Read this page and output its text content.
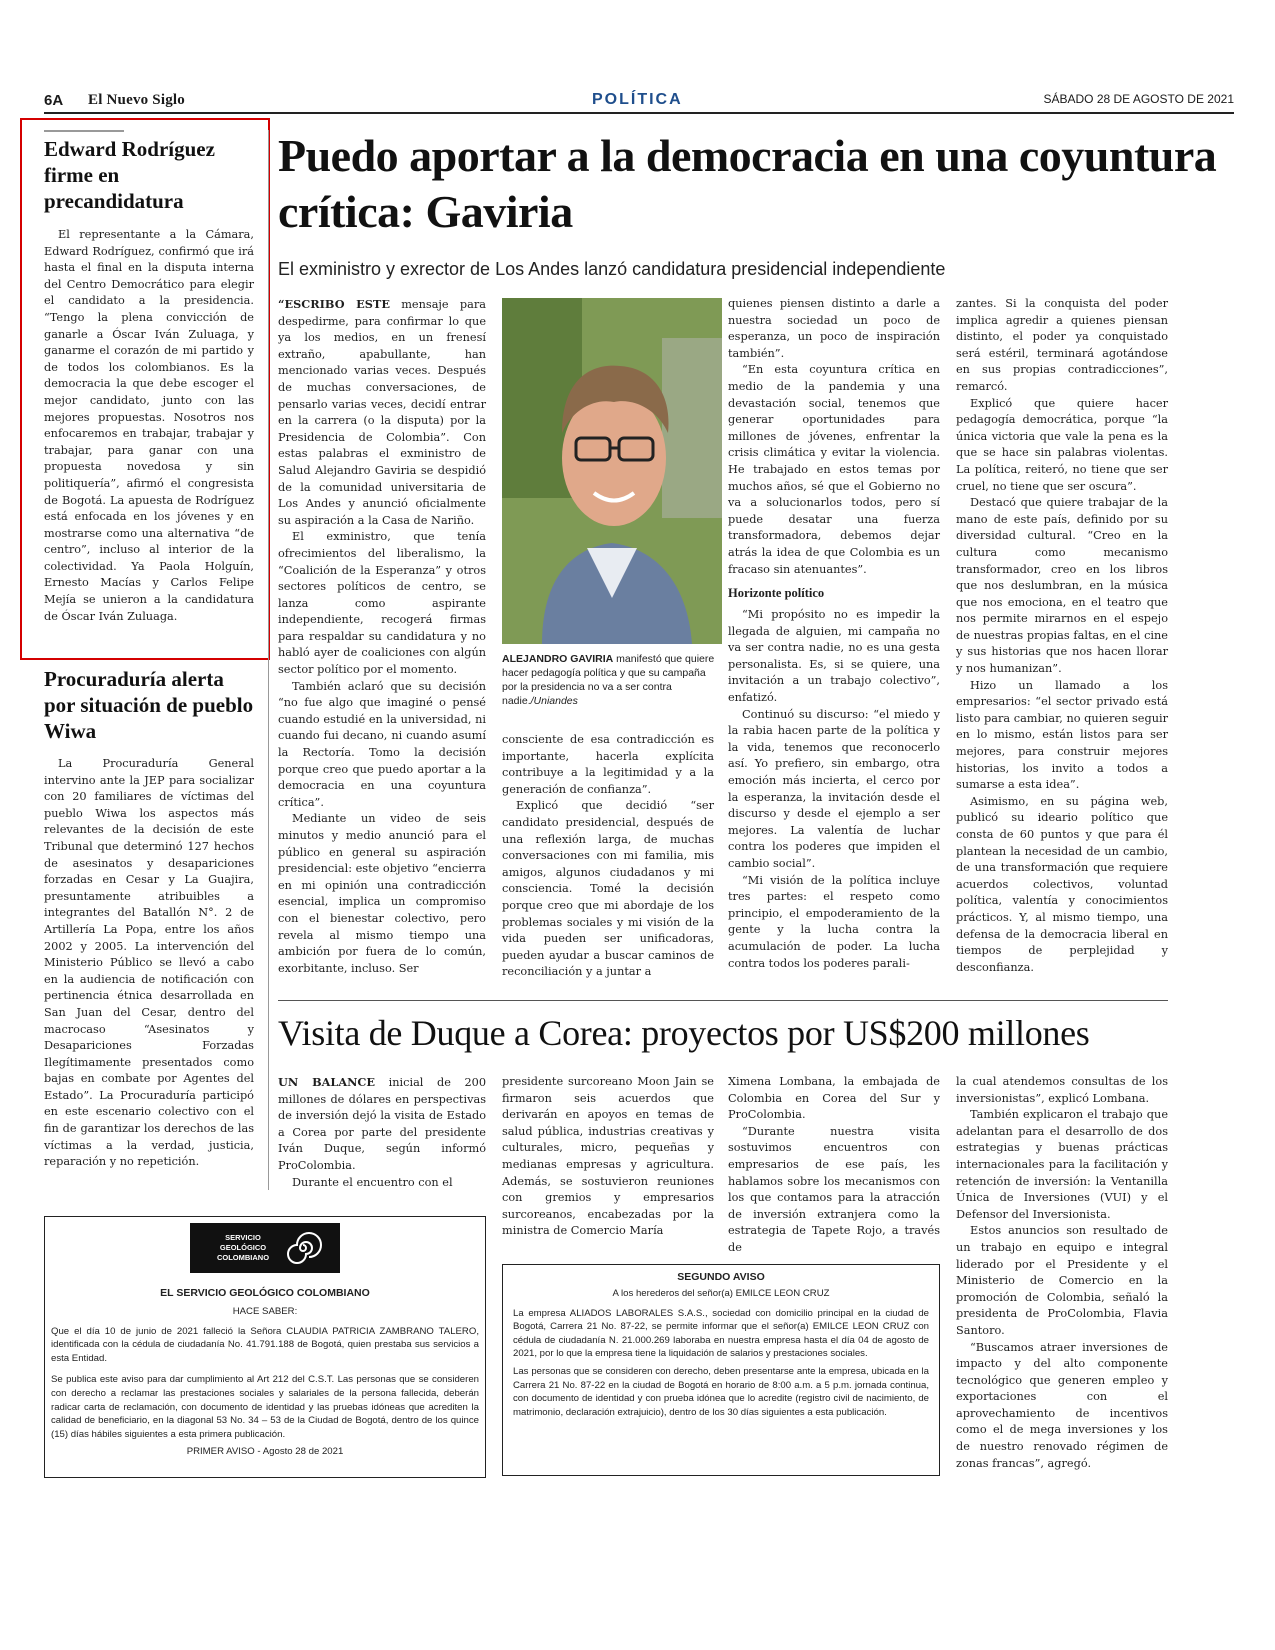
6A El Nuevo Siglo	POLÍTICA	SÁBADO 28 DE AGOSTO DE 2021
Edward Rodríguez firme en precandidatura
El representante a la Cámara, Edward Rodríguez, confirmó que irá hasta el final en la disputa interna del Centro Democrático para elegir el candidato a la presidencia. “Tengo la plena convicción de ganarle a Óscar Iván Zuluaga, y ganarme el corazón de mi partido y de todos los colombianos. Es la democracia la que debe escoger el mejor candidato, junto con las mejores propuestas. Nosotros nos enfocaremos en trabajar, trabajar y trabajar, para ganar con una propuesta novedosa y sin politiquería”, afirmó el congresista de Bogotá. La apuesta de Rodríguez está enfocada en los jóvenes y en mostrarse como una alternativa “de centro”, incluso al interior de la colectividad. Ya Paola Holguín, Ernesto Macías y Carlos Felipe Mejía se unieron a la candidatura de Óscar Iván Zuluaga.
Procuraduría alerta por situación de pueblo Wiwa
La Procuraduría General intervino ante la JEP para socializar con 20 familiares de víctimas del pueblo Wiwa los aspectos más relevantes de la decisión de este Tribunal que determinó 127 hechos de asesinatos y desapariciones forzadas en Cesar y La Guajira, presuntamente atribuibles a integrantes del Batallón N°. 2 de Artillería La Popa, entre los años 2002 y 2005. La intervención del Ministerio Público se llevó a cabo en la audiencia de notificación con pertinencia étnica desarrollada en San Juan del Cesar, dentro del macrocaso “Asesinatos y Desapariciones Forzadas Ilegítimamente presentados como bajas en combate por Agentes del Estado”. La Procuraduría participó en este escenario colectivo con el fin de garantizar los derechos de las víctimas a la verdad, justicia, reparación y no repetición.
Puedo aportar a la democracia en una coyuntura crítica: Gaviria
El exministro y exrector de Los Andes lanzó candidatura presidencial independiente
“ESCRIBO ESTE mensaje para despedirme, para confirmar lo que ya los medios, en un frenesí extraño, apabullante, han mencionado varias veces. Después de muchas conversaciones, de pensarlo varias veces, decidí entrar en la carrera (o la disputa) por la Presidencia de Colombia”. Con estas palabras el exministro de Salud Alejandro Gaviria se despidió de la comunidad universitaria de Los Andes y anunció oficialmente su aspiración a la Casa de Nariño.

El exministro, que tenía ofrecimientos del liberalismo, la “Coalición de la Esperanza” y otros sectores políticos de centro, se lanza como aspirante independiente, recogerá firmas para respaldar su candidatura y no habló ayer de coaliciones con algún sector político por el momento.

También aclaró que su decisión “no fue algo que imaginé o pensé cuando estudié en la universidad, ni cuando fui decano, ni cuando asumí la Rectoría. Tomo la decisión porque creo que puedo aportar a la democracia en una coyuntura crítica”.

Mediante un video de seis minutos y medio anunció para el público en general su aspiración presidencial: este objetivo “encierra en mi opinión una contradicción esencial, implica un compromiso con el bienestar colectivo, pero revela al mismo tiempo una ambición por fuera de lo común, exorbitante, incluso. Ser

ALEJANDRO GAVIRIA manifestó que quiere hacer pedagogía política y que su campaña por la presidencia no va a ser contra nadie./Uniandes
consciente de esa contradicción es importante, hacerla explícita contribuye a la legitimidad y a la generación de confianza”.

Explicó que decidió “ser candidato presidencial, después de una reflexión larga, de muchas conversaciones con mi familia, mis amigos, algunos ciudadanos y mi consciencia. Tomé la decisión porque creo que mi abordaje de los problemas sociales y mi visión de la vida pueden ser unificadoras, pueden ayudar a buscar caminos de reconciliación y a juntar a

quienes piensen distinto a darle a nuestra sociedad un poco de esperanza, un poco de inspiración también”.

“En esta coyuntura crítica en medio de la pandemia y una devastación social, tenemos que generar oportunidades para millones de jóvenes, enfrentar la crisis climática y evitar la violencia. He trabajado en estos temas por muchos años, sé que el Gobierno no va a solucionarlos todos, pero sí puede desatar una fuerza transformadora, debemos dejar atrás la idea de que Colombia es un fracaso sin atenuantes”.

Horizonte político

“Mi propósito no es impedir la llegada de alguien, mi campaña no va ser contra nadie, no es una gesta personalista. Es, si se quiere, una invitación a un trabajo colectivo”, enfatizó.

Continuó su discurso: “el miedo y la rabia hacen parte de la política y la vida, tenemos que reconocerlo así. Yo prefiero, sin embargo, otra emoción más incierta, el cerco por la esperanza, la invitación desde el discurso y desde el ejemplo a ser mejores. La valentía de luchar contra los poderes que impiden el cambio social”.

“Mi visión de la política incluye tres partes: el respeto como principio, el empoderamiento de la gente y la lucha contra la acumulación de poder. La lucha contra todos los poderes parali-

zantes. Si la conquista del poder implica agredir a quienes piensan distinto, el poder ya conquistado será estéril, terminará agotándose en sus propias contradicciones”, remarcó.

Explicó que quiere hacer pedagogía democrática, porque “la única victoria que vale la pena es la que se hace sin palabras violentas. La política, reiteró, no tiene que ser cruel, no tiene que ser oscura”.

Destacó que quiere trabajar de la mano de este país, definido por su diversidad cultural. “Creo en la cultura como mecanismo transformador, creo en los libros que nos deslumbran, en la música que nos emociona, en el teatro que nos permite mirarnos en el espejo de nuestras propias faltas, en el cine y sus historias que nos hacen llorar y nos humanizan”.

Hizo un llamado a los empresarios: “el sector privado está listo para cambiar, no quieren seguir en lo mismo, están listos para ser mejores, para construir mejores historias, los invito a todos a sumarse a esta idea”.

Asimismo, en su página web, publicó su ideario político que consta de 60 puntos y que para él plantean la necesidad de un cambio, de una transformación que requiere acuerdos colectivos, voluntad política, valentía y conocimientos prácticos. Y, al mismo tiempo, una defensa de la democracia liberal en tiempos de perplejidad y desconfianza.

Visita de Duque a Corea: proyectos por US$200 millones
UN BALANCE inicial de 200 millones de dólares en perspectivas de inversión dejó la visita de Estado a Corea por parte del presidente Iván Duque, según informó ProColombia.

Durante el encuentro con el

presidente surcoreano Moon Jain se firmaron seis acuerdos que derivarán en apoyos en temas de salud pública, industrias creativas y culturales, micro, pequeñas y medianas empresas y agricultura. Además, se sostuvieron reuniones con gremios y empresarios surcoreanos, encabezadas por la ministra de Comercio María
Ximena Lombana, la embajada de Colombia en Corea del Sur y ProColombia.

“Durante nuestra visita sostuvimos encuentros con empresarios de ese país, les hablamos sobre los mecanismos con los que contamos para la atracción de inversión extranjera como la estrategia de Tapete Rojo, a través de

la cual atendemos consultas de los inversionistas”, explicó Lombana.

También explicaron el trabajo que adelantan para el desarrollo de dos estrategias y buenas prácticas internacionales para la facilitación y retención de inversión: la Ventanilla Única de Inversiones (VUI) y el Defensor del Inversionista.

Estos anuncios son resultado de un trabajo en equipo e integral liderado por el Presidente y el Ministerio de Comercio en la promoción de Colombia, señaló la presidenta de ProColombia, Flavia Santoro.

“Buscamos atraer inversiones de impacto y del alto componente tecnológico que generen empleo y exportaciones con el aprovechamiento de incentivos como el de mega inversiones y los de nuestro renovado régimen de zonas francas”, agregó.

SERVICIO GEOLÓGICO COLOMBIANO
EL SERVICIO GEOLÓGICO COLOMBIANO
HACE SABER:
Que el día 10 de junio de 2021 falleció la Señora CLAUDIA PATRICIA ZAMBRANO TALERO, identificada con la cédula de ciudadanía No. 41.791.188 de Bogotá, quien prestaba sus servicios a esta Entidad.
Se publica este aviso para dar cumplimiento al Art 212 del C.S.T. Las personas que se consideren con derecho a reclamar las prestaciones sociales y salariales de la persona fallecida, deberán radicar carta de reclamación, con documento de identidad y las pruebas idóneas que acrediten la calidad de beneficiario, en la diagonal 53 No. 34 – 53 de la Ciudad de Bogotá, dentro de los quince (15) días hábiles siguientes a esta primera publicación.
PRIMER AVISO - Agosto 28 de 2021
SEGUNDO AVISO
A los herederos del señor(a) EMILCE LEON CRUZ
La empresa ALIADOS LABORALES S.A.S., sociedad con domicilio principal en la ciudad de Bogotá, Carrera 21 No. 87-22, se permite informar que el señor(a) EMILCE LEON CRUZ con cédula de ciudadanía N. 21.000.269 laboraba en nuestra empresa hasta el día 04 de agosto de 2021, por lo que la empresa tiene la liquidación de salarios y prestaciones sociales.
Las personas que se consideren con derecho, deben presentarse ante la empresa, ubicada en la Carrera 21 No. 87-22 en la ciudad de Bogotá en horario de 8:00 a.m. a 5 p.m. jornada continua, con documento de identidad y con prueba idónea que lo acredite (registro civil de nacimiento, de matrimonio, declaración extrajuicio), dentro de los 30 días siguientes a esta publicación.
